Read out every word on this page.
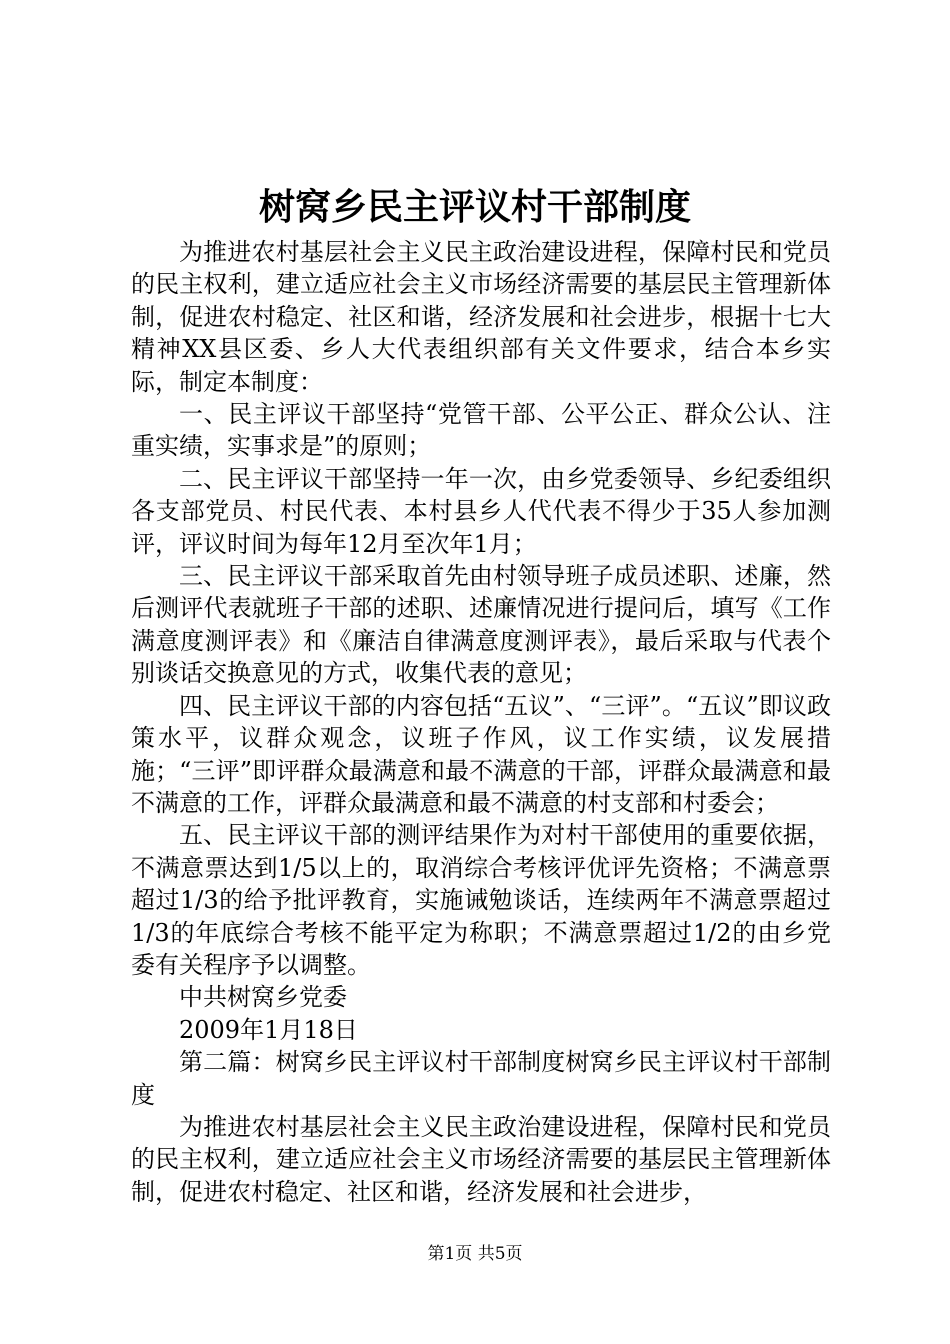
树窝乡民主评议村干部制度

为推进农村基层社会主义民主政治建设进程，保障村民和党员的民主权利，建立适应社会主义市场经济需要的基层民主管理新体制，促进农村稳定、社区和谐，经济发展和社会进步，根据十七大精神XX县区委、乡人大代表组织部有关文件要求，结合本乡实际，制定本制度：

一、民主评议干部坚持“党管干部、公平公正、群众公认、注重实绩，实事求是”的原则；

二、民主评议干部坚持一年一次，由乡党委领导、乡纪委组织各支部党员、村民代表、本村县乡人代代表不得少于35人参加测评，评议时间为每年12月至次年1月；

三、民主评议干部采取首先由村领导班子成员述职、述廉，然后测评代表就班子干部的述职、述廉情况进行提问后，填写《工作满意度测评表》和《廉洁自律满意度测评表》，最后采取与代表个别谈话交换意见的方式，收集代表的意见；

四、民主评议干部的内容包括“五议”、“三评”。“五议”即议政策水平，议群众观念，议班子作风，议工作实绩，议发展措施；“三评”即评群众最满意和最不满意的干部，评群众最满意和最不满意的工作，评群众最满意和最不满意的村支部和村委会；

五、民主评议干部的测评结果作为对村干部使用的重要依据，不满意票达到1/5以上的，取消综合考核评优评先资格；不满意票超过1/3的给予批评教育，实施诫勉谈话，连续两年不满意票超过1/3的年底综合考核不能平定为称职；不满意票超过1/2的由乡党委有关程序予以调整。

中共树窝乡党委

2009年1月18日

第二篇：树窝乡民主评议村干部制度树窝乡民主评议村干部制度

为推进农村基层社会主义民主政治建设进程，保障村民和党员的民主权利，建立适应社会主义市场经济需要的基层民主管理新体制，促进农村稳定、社区和谐，经济发展和社会进步，

第1页 共5页
